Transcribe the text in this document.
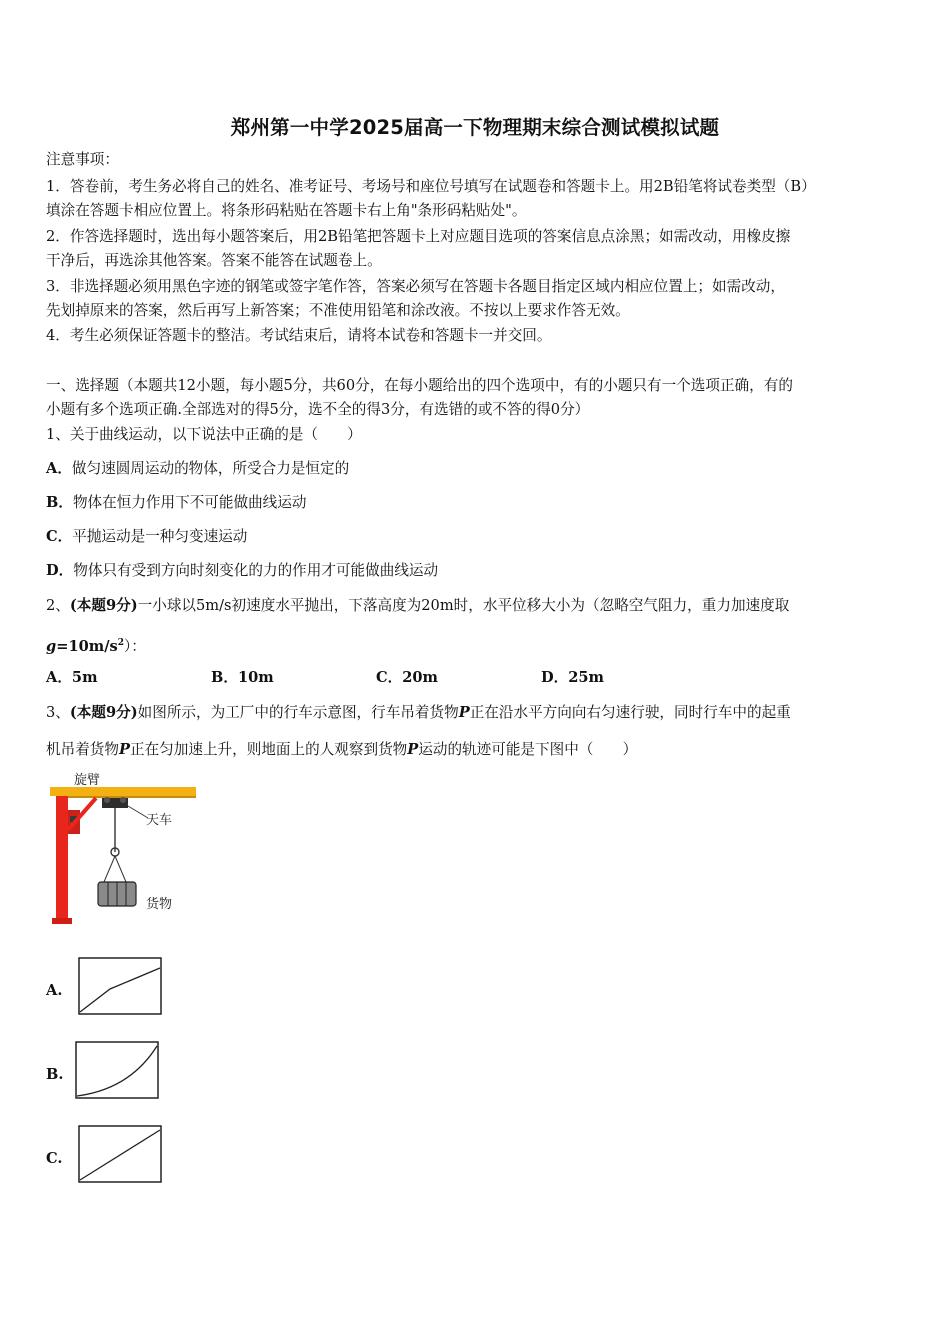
郑州第一中学2025届高一下物理期末综合测试模拟试题
注意事项：
1．答卷前，考生务必将自己的姓名、准考证号、考场号和座位号填写在试题卷和答题卡上。用2B铅笔将试卷类型（B）
填涂在答题卡相应位置上。将条形码粘贴在答题卡右上角"条形码粘贴处"。
2．作答选择题时，选出每小题答案后，用2B铅笔把答题卡上对应题目选项的答案信息点涂黑；如需改动，用橡皮擦
干净后，再选涂其他答案。答案不能答在试题卷上。
3．非选择题必须用黑色字迹的钢笔或签字笔作答，答案必须写在答题卡各题目指定区域内相应位置上；如需改动，
先划掉原来的答案，然后再写上新答案；不准使用铅笔和涂改液。不按以上要求作答无效。
4．考生必须保证答题卡的整洁。考试结束后，请将本试卷和答题卡一并交回。
一、选择题（本题共12小题，每小题5分，共60分，在每小题给出的四个选项中，有的小题只有一个选项正确，有的
小题有多个选项正确.全部选对的得5分，选不全的得3分，有选错的或不答的得0分）
1、关于曲线运动，以下说法中正确的是（　　）
A．做匀速圆周运动的物体，所受合力是恒定的
B．物体在恒力作用下不可能做曲线运动
C．平抛运动是一种匀变速运动
D．物体只有受到方向时刻变化的力的作用才可能做曲线运动
2、(本题9分)一小球以5m/s初速度水平抛出，下落高度为20m时，水平位移大小为（忽略空气阻力，重力加速度取
$g=10m/s^2$）：
A．5m	B．10m	C．20m	D．25m
3、(本题9分)如图所示，为工厂中的行车示意图，行车吊着货物P正在沿水平方向向右匀速行驶，同时行车中的起重
机吊着货物P正在匀加速上升，则地面上的人观察到货物P运动的轨迹可能是下图中（　　）
旋臂
天车
货物
A.
B.
C.
